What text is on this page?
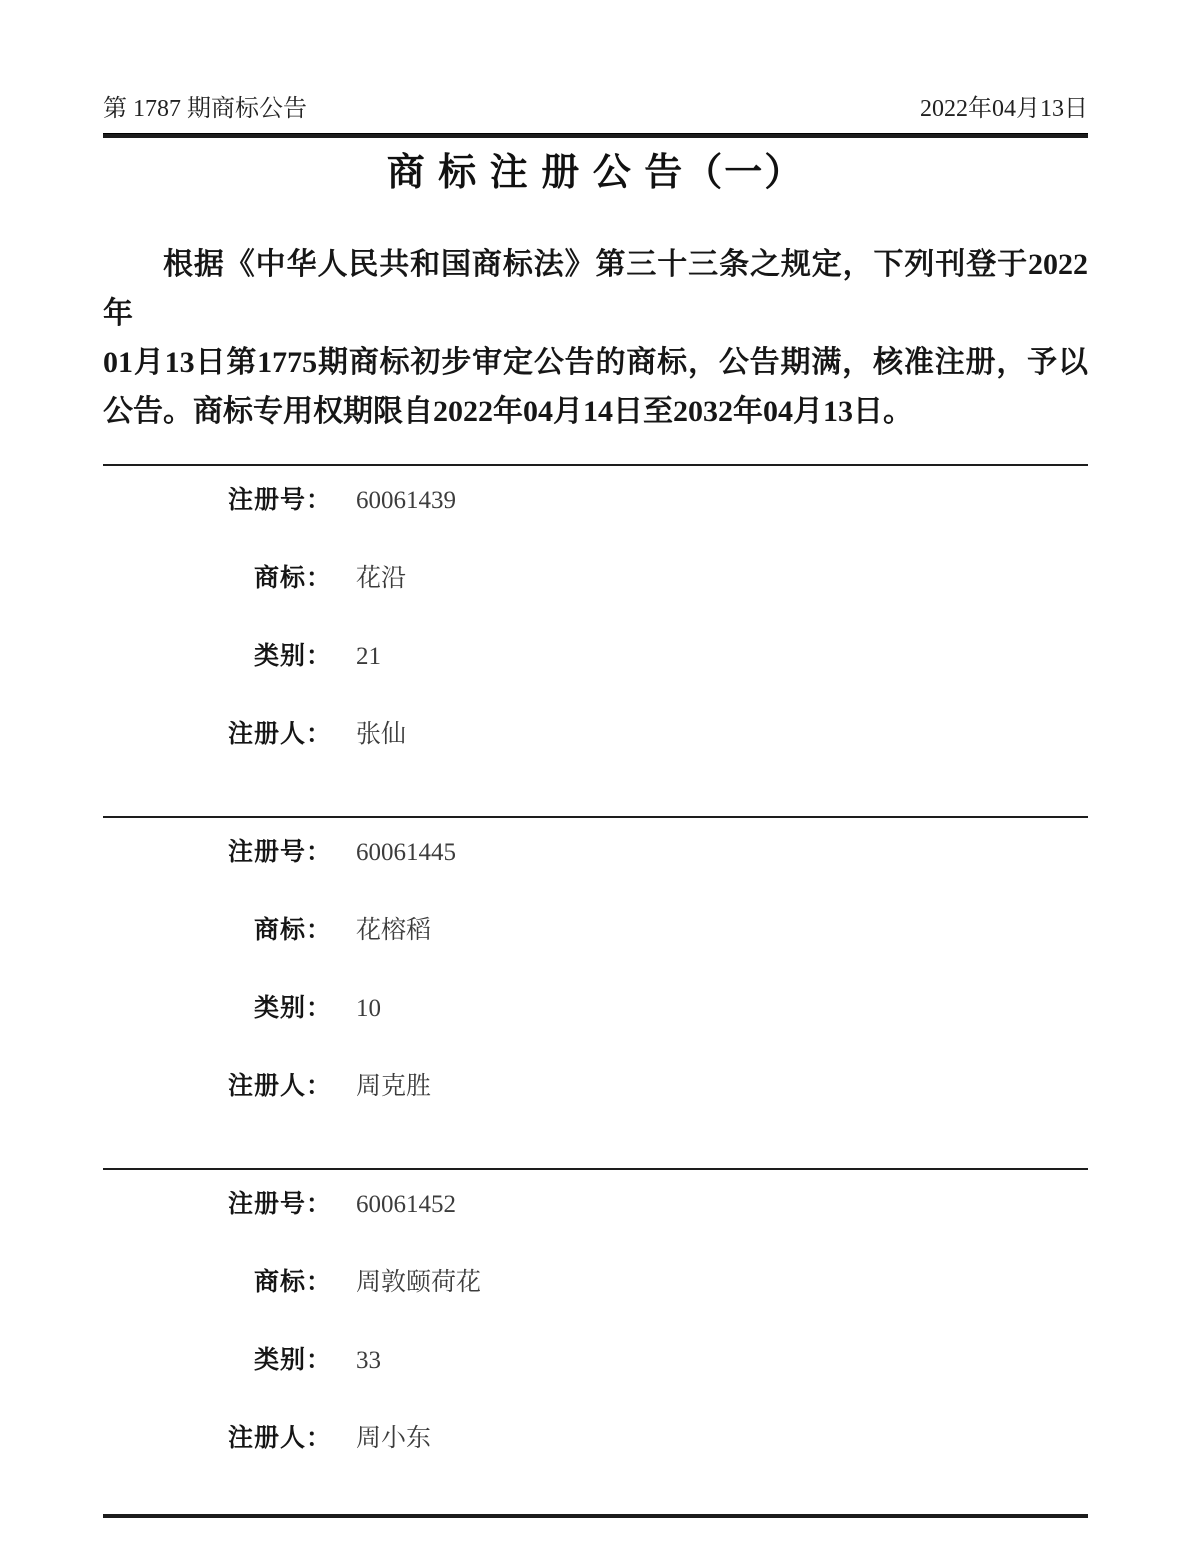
第 1787 期商标公告	2022年04月13日
商 标 注 册 公 告（一）
根据《中华人民共和国商标法》第三十三条之规定，下列刊登于2022年
01月13日第1775期商标初步审定公告的商标，公告期满，核准注册，予以
公告。商标专用权期限自2022年04月14日至2032年04月13日。
注册号： 60061439
商标： 花沿
类别： 21
注册人： 张仙
注册号： 60061445
商标： 花榕稻
类别： 10
注册人： 周克胜
注册号： 60061452
商标： 周敦颐荷花
类别： 33
注册人： 周小东
